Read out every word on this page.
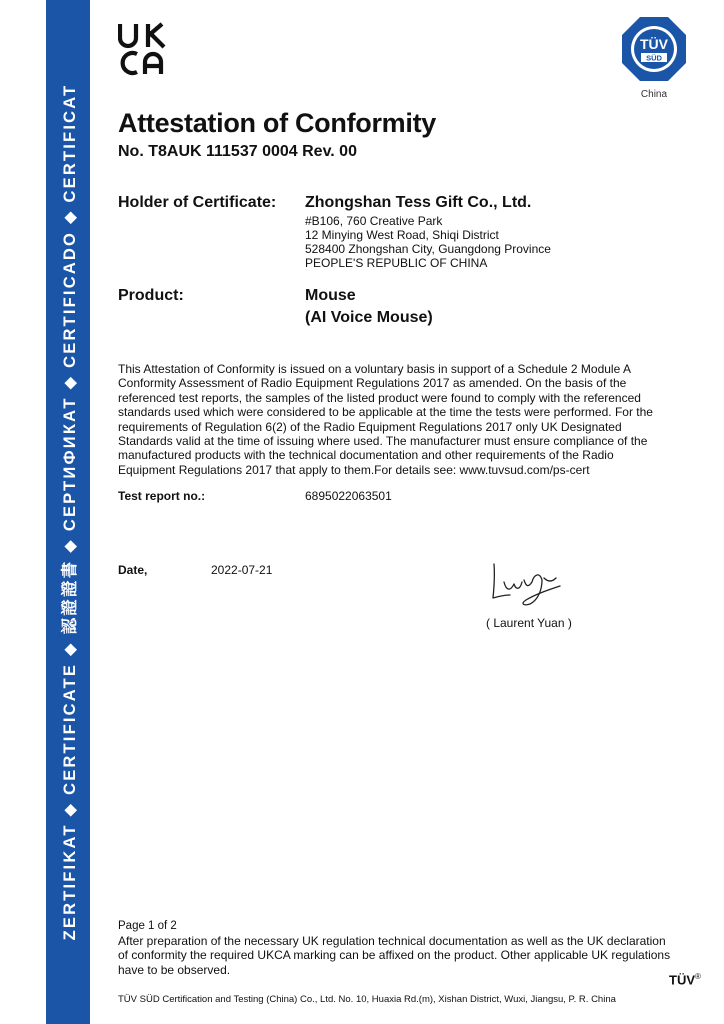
ZERTIFIKAT ◆ CERTIFICATE ◆ 認證證書 ◆ СЕРТИФИКАТ ◆ CERTIFICADO ◆ CERTIFICAT
TÜV
SÜD
China
Attestation of Conformity
No. T8AUK 111537 0004 Rev. 00
Holder of Certificate: Zhongshan Tess Gift Co., Ltd.
#B106, 760 Creative Park
12 Minying West Road, Shiqi District
528400 Zhongshan City, Guangdong Province
PEOPLE'S REPUBLIC OF CHINA
Product:	Mouse
(AI Voice Mouse)
This Attestation of Conformity is issued on a voluntary basis in support of a Schedule 2 Module A Conformity Assessment of Radio Equipment Regulations 2017 as amended. On the basis of the referenced test reports, the samples of the listed product were found to comply with the referenced standards used which were considered to be applicable at the time the tests were performed. For the requirements of Regulation 6(2) of the Radio Equipment Regulations 2017 only UK Designated Standards valid at the time of issuing where used. The manufacturer must ensure compliance of the manufactured products with the technical documentation and other requirements of the Radio Equipment Regulations 2017 that apply to them.For details see: www.tuvsud.com/ps-cert
Test report no.:	6895022063501
Date,	2022-07-21
( Laurent Yuan )
Page 1 of 2
After preparation of the necessary UK regulation technical documentation as well as the UK declaration of conformity the required UKCA marking can be affixed on the product. Other applicable UK regulations have to be observed.
TÜV®
TÜV SÜD Certification and Testing (China) Co., Ltd. No. 10, Huaxia Rd.(m), Xishan District, Wuxi, Jiangsu, P. R. China
